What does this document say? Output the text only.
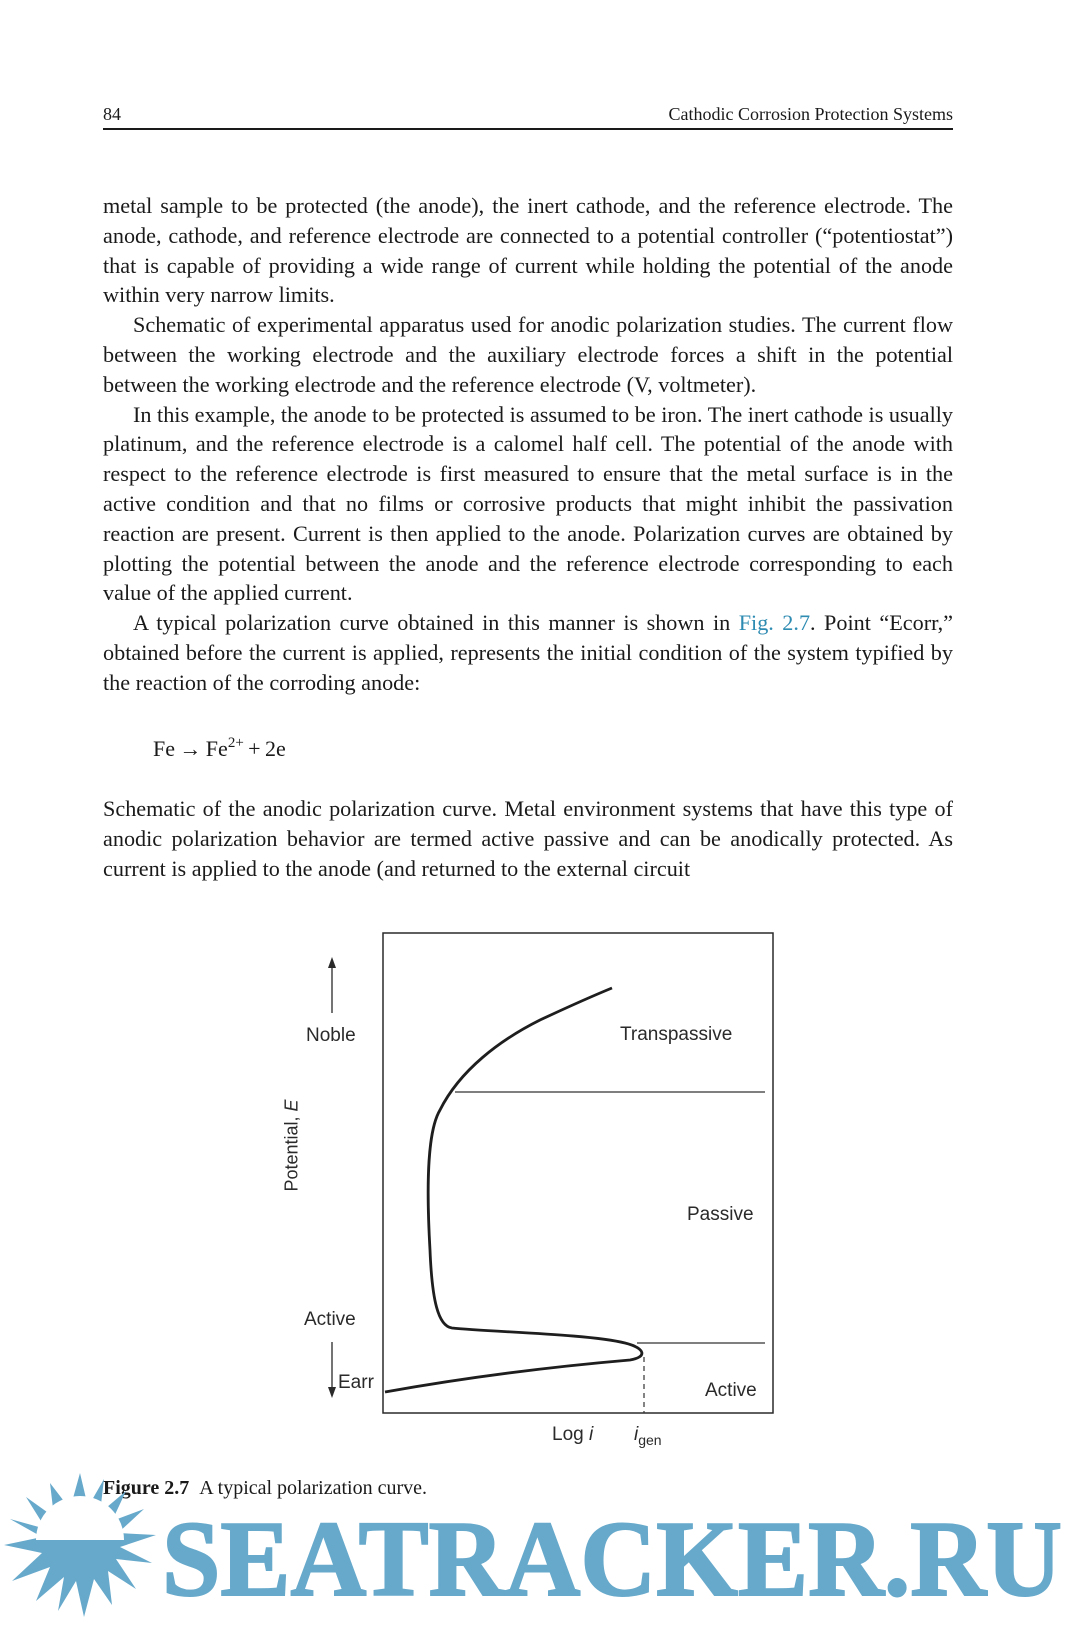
84	Cathodic Corrosion Protection Systems

metal sample to be protected (the anode), the inert cathode, and the reference electrode. The anode, cathode, and reference electrode are connected to a potential controller (“potentiostat”) that is capable of providing a wide range of current while holding the potential of the anode within very narrow limits.

Schematic of experimental apparatus used for anodic polarization studies. The current flow between the working electrode and the auxiliary electrode forces a shift in the potential between the working electrode and the reference electrode (V, voltmeter).

In this example, the anode to be protected is assumed to be iron. The inert cathode is usually platinum, and the reference electrode is a calomel half cell. The potential of the anode with respect to the reference electrode is first measured to ensure that the metal surface is in the active condition and that no films or corrosive products that might inhibit the passivation reaction are present. Current is then applied to the anode. Polarization curves are obtained by plotting the potential between the anode and the reference electrode corresponding to each value of the applied current.

A typical polarization curve obtained in this manner is shown in Fig. 2.7. Point “Ecorr,” obtained before the current is applied, represents the initial condition of the system typified by the reaction of the corroding anode:

$Fe \to Fe^{2+} + 2e$

Schematic of the anodic polarization curve. Metal environment systems that have this type of anodic polarization behavior are termed active passive and can be anodically protected. As current is applied to the anode (and returned to the external circuit

Noble
Active
Earr
Transpassive
Passive
Active
Potential, E
Log i $i_{gen}$
Figure 2.7 A typical polarization curve.
SEATRACKER.RU
